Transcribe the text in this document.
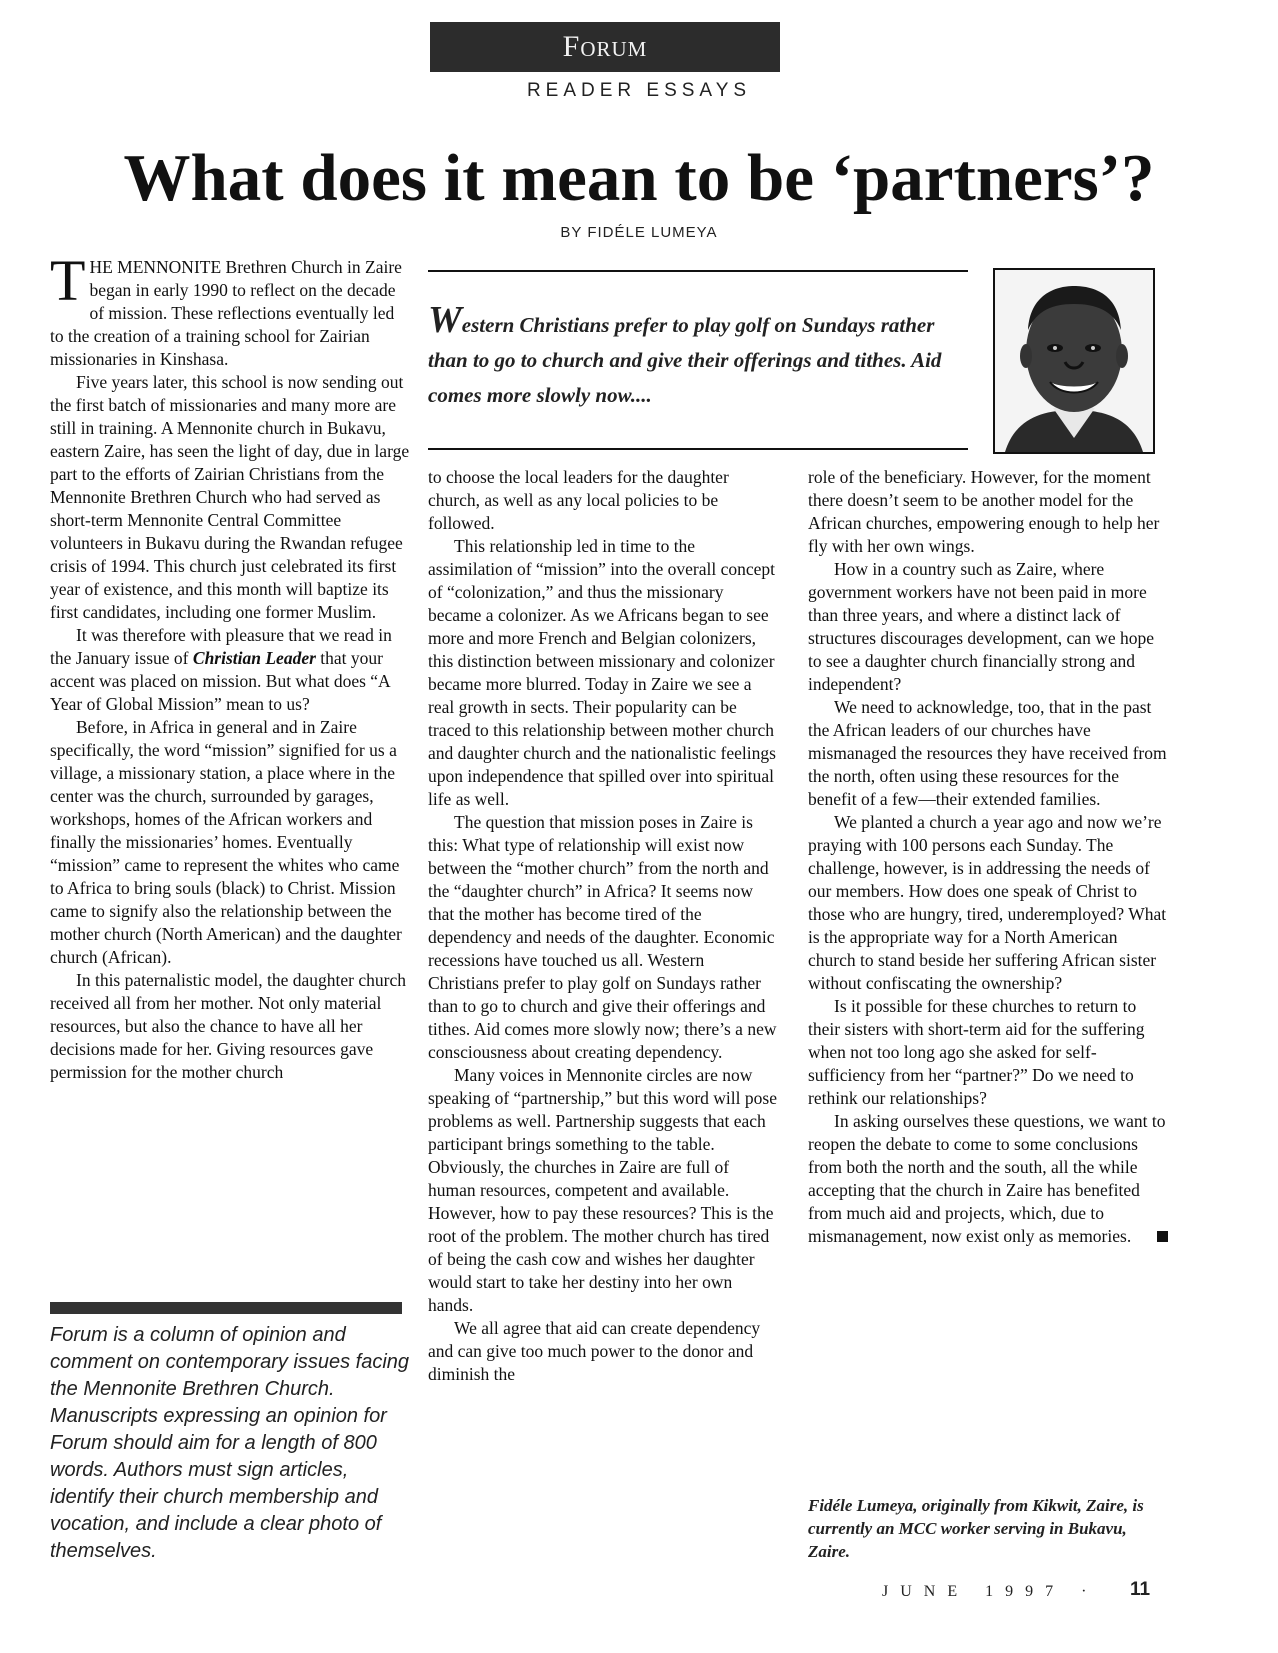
Forum
READER ESSAYS
What does it mean to be ‘partners’?
BY FIDÉLE LUMEYA

THE MENNONITE Brethren Church in Zaire began in early 1990 to reflect on the decade of mission. These reflections eventually led to the creation of a training school for Zairian missionaries in Kinshasa.

Five years later, this school is now sending out the first batch of missionaries and many more are still in training. A Mennonite church in Bukavu, eastern Zaire, has seen the light of day, due in large part to the efforts of Zairian Christians from the Mennonite Brethren Church who had served as short-term Mennonite Central Committee volunteers in Bukavu during the Rwandan refugee crisis of 1994. This church just celebrated its first year of existence, and this month will baptize its first candidates, including one former Muslim.

It was therefore with pleasure that we read in the January issue of Christian Leader that your accent was placed on mission. But what does “A Year of Global Mission” mean to us?

Before, in Africa in general and in Zaire specifically, the word “mission” signified for us a village, a missionary station, a place where in the center was the church, surrounded by garages, workshops, homes of the African workers and finally the missionaries’ homes. Eventually “mission” came to represent the whites who came to Africa to bring souls (black) to Christ. Mission came to signify also the relationship between the mother church (North American) and the daughter church (African).

In this paternalistic model, the daughter church received all from her mother. Not only material resources, but also the chance to have all her decisions made for her. Giving resources gave permission for the mother church

Western Christians prefer to play golf on Sundays rather than to go to church and give their offerings and tithes. Aid comes more slowly now....

to choose the local leaders for the daughter church, as well as any local policies to be followed.

This relationship led in time to the assimilation of “mission” into the overall concept of “colonization,” and thus the missionary became a colonizer. As we Africans began to see more and more French and Belgian colonizers, this distinction between missionary and colonizer became more blurred. Today in Zaire we see a real growth in sects. Their popularity can be traced to this relationship between mother church and daughter church and the nationalistic feelings upon independence that spilled over into spiritual life as well.

The question that mission poses in Zaire is this: What type of relationship will exist now between the “mother church” from the north and the “daughter church” in Africa? It seems now that the mother has become tired of the dependency and needs of the daughter. Economic recessions have touched us all. Western Christians prefer to play golf on Sundays rather than to go to church and give their offerings and tithes. Aid comes more slowly now; there’s a new consciousness about creating dependency.

Many voices in Mennonite circles are now speaking of “partnership,” but this word will pose problems as well. Partnership suggests that each participant brings something to the table. Obviously, the churches in Zaire are full of human resources, competent and available. However, how to pay these resources? This is the root of the problem. The mother church has tired of being the cash cow and wishes her daughter would start to take her destiny into her own hands.

We all agree that aid can create dependency and can give too much power to the donor and diminish the

role of the beneficiary. However, for the moment there doesn’t seem to be another model for the African churches, empowering enough to help her fly with her own wings.

How in a country such as Zaire, where government workers have not been paid in more than three years, and where a distinct lack of structures discourages development, can we hope to see a daughter church financially strong and independent?

We need to acknowledge, too, that in the past the African leaders of our churches have mismanaged the resources they have received from the north, often using these resources for the benefit of a few—their extended families.

We planted a church a year ago and now we’re praying with 100 persons each Sunday. The challenge, however, is in addressing the needs of our members. How does one speak of Christ to those who are hungry, tired, underemployed? What is the appropriate way for a North American church to stand beside her suffering African sister without confiscating the ownership?

Is it possible for these churches to return to their sisters with short-term aid for the suffering when not too long ago she asked for self-sufficiency from her “partner?” Do we need to rethink our relationships?

In asking ourselves these questions, we want to reopen the debate to come to some conclusions from both the north and the south, all the while accepting that the church in Zaire has benefited from much aid and projects, which, due to mismanagement, now exist only as memories.

Forum is a column of opinion and comment on contemporary issues facing the Mennonite Brethren Church. Manuscripts expressing an opinion for Forum should aim for a length of 800 words. Authors must sign articles, identify their church membership and vocation, and include a clear photo of themselves.
Fidéle Lumeya, originally from Kikwit, Zaire, is currently an MCC worker serving in Bukavu, Zaire.
JUNE 1997 · 11
